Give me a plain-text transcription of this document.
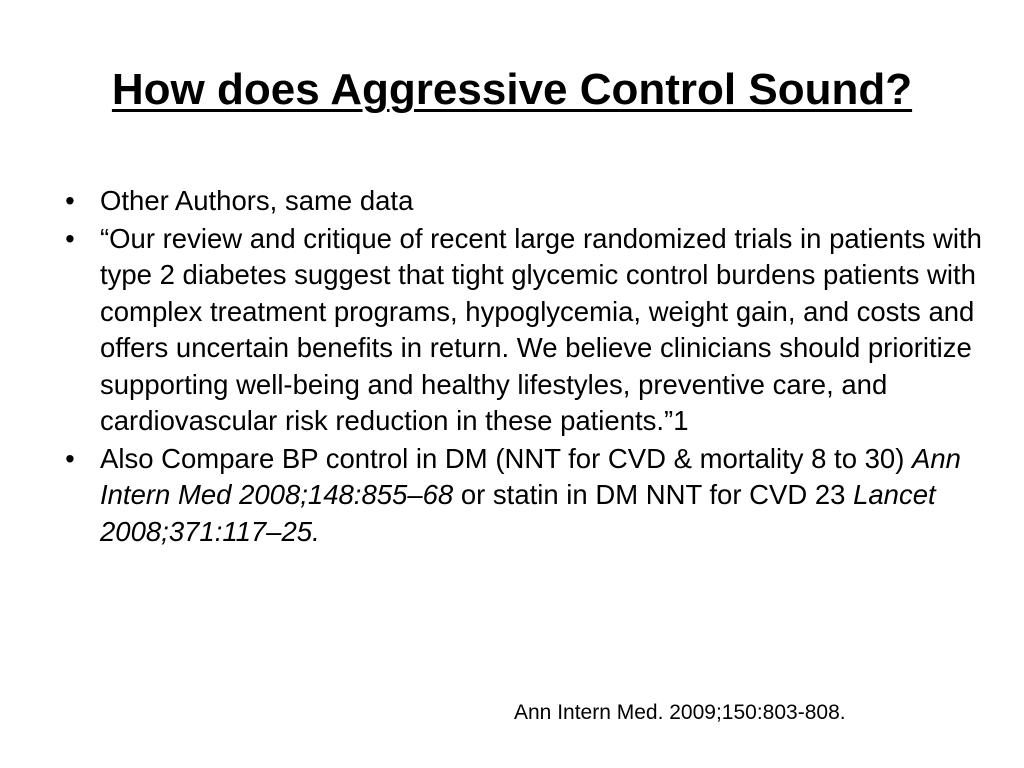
How does Aggressive Control Sound?
• Other Authors, same data
• “Our review and critique of recent large randomized trials in patients with type 2 diabetes suggest that tight glycemic control burdens patients with complex treatment programs, hypoglycemia, weight gain, and costs and offers uncertain benefits in return. We believe clinicians should prioritize supporting well-being and healthy lifestyles, preventive care, and cardiovascular risk reduction in these patients.”1
• Also Compare BP control in DM (NNT for CVD & mortality 8 to 30) Ann Intern Med 2008;148:855–68 or statin in DM NNT for CVD 23 Lancet 2008;371:117–25.
Ann Intern Med. 2009;150:803-808.
